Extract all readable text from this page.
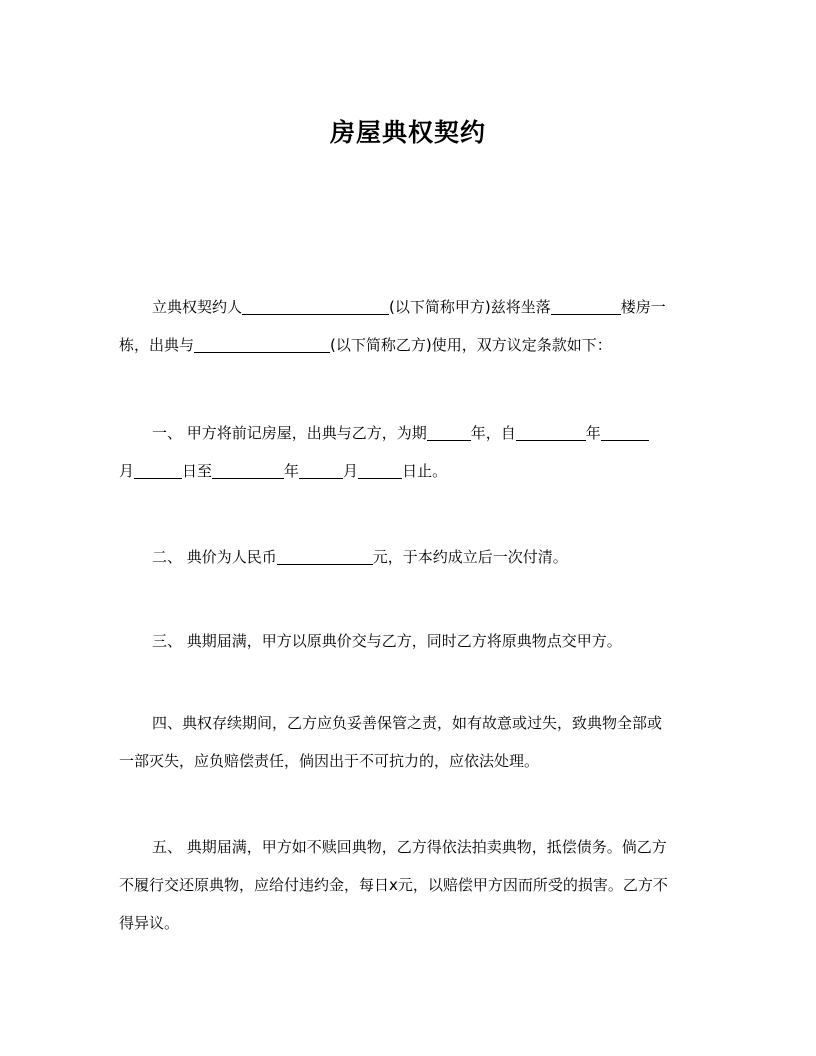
房屋典权契约
立典权契约人	(以下简称甲方)兹将坐落	楼房一
栋，出典与	(以下简称乙方)使用，双方议定条款如下：
一、 甲方将前记房屋，出典与乙方，为期	年，自	年
月	日至	年	月	日止。
二、 典价为人民币	元，于本约成立后一次付清。
三、 典期届满，甲方以原典价交与乙方，同时乙方将原典物点交甲方。
四、典权存续期间，乙方应负妥善保管之责，如有故意或过失，致典物全部或
一部灭失，应负赔偿责任，倘因出于不可抗力的，应依法处理。
五、 典期届满，甲方如不赎回典物，乙方得依法拍卖典物，抵偿债务。倘乙方
不履行交还原典物，应给付违约金，每日x元，以赔偿甲方因而所受的损害。乙方不
得异议。
